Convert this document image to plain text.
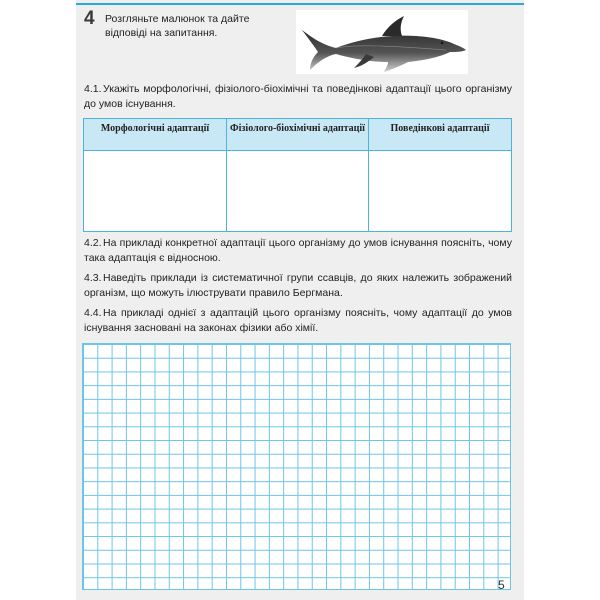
4 Розгляньте малюнок та дайте відповіді на запитання.
4.1.Укажіть морфологічні, фізіолого-біохімічні та поведінкові адаптації цього організму до умов існування.
Морфологічні адаптації	Фізіолого-біохімічні адаптації	Поведінкові адаптації
4.2.На прикладі конкретної адаптації цього організму до умов існування поясніть, чому така адаптація є відносною.
4.3.Наведіть приклади із систематичної групи ссавців, до яких належить зображений організм, що можуть ілюструвати правило Бергмана.
4.4.На прикладі однієї з адаптацій цього організму поясніть, чому адаптації до умов існування засновані на законах фізики або хімії.
5
